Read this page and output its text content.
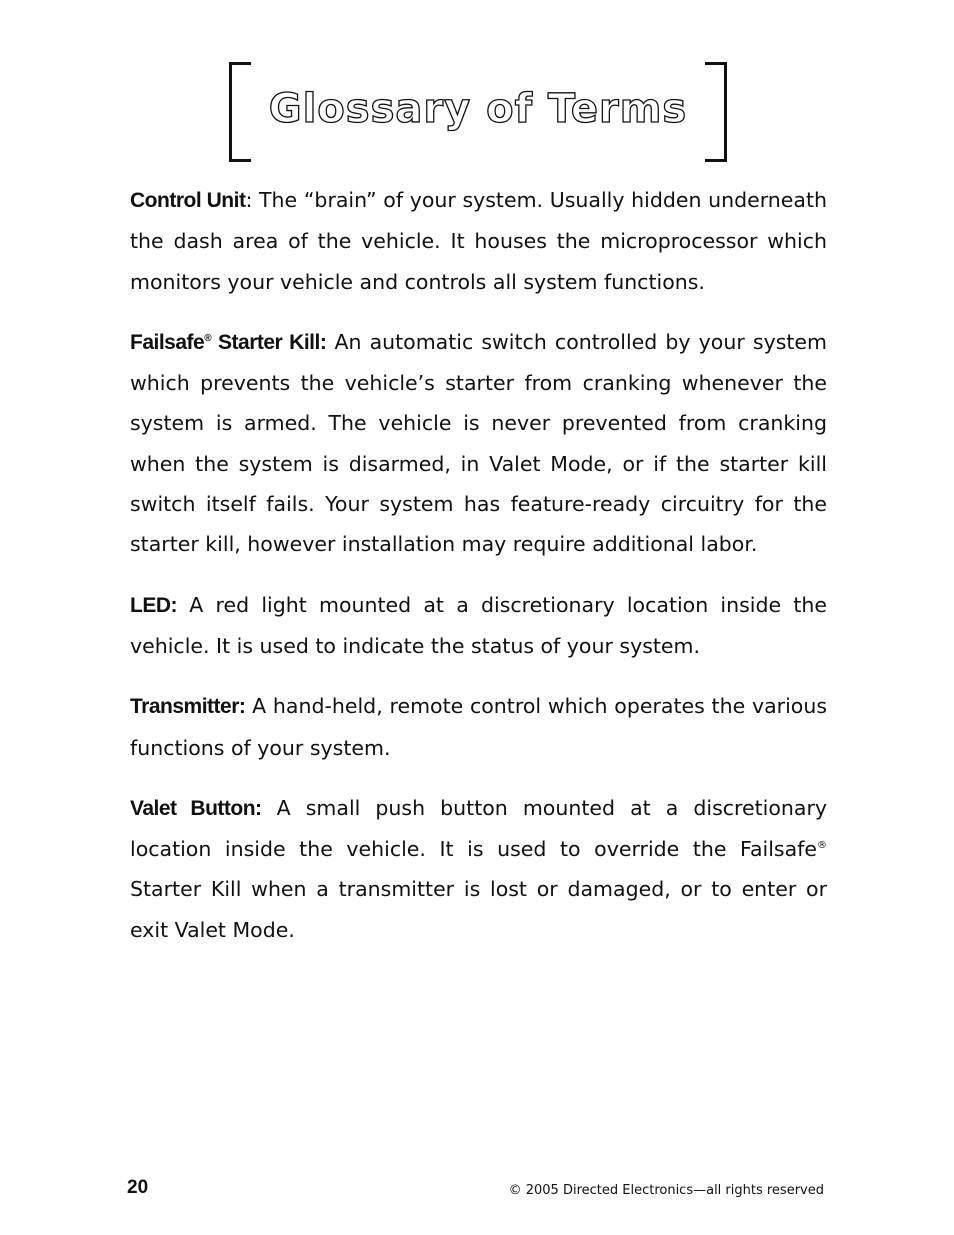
Glossary of Terms

Control Unit: The “brain” of your system. Usually hidden underneath the dash area of the vehicle. It houses the microprocessor which monitors your vehicle and controls all system functions.

Failsafe® Starter Kill: An automatic switch controlled by your system which prevents the vehicle’s starter from cranking whenever the system is armed. The vehicle is never prevented from cranking when the system is disarmed, in Valet Mode, or if the starter kill switch itself fails. Your system has feature-ready circuitry for the starter kill, however installation may require additional labor.

LED: A red light mounted at a discretionary location inside the vehicle. It is used to indicate the status of your system.

Transmitter: A hand-held, remote control which operates the various functions of your system.

Valet Button: A small push button mounted at a discretionary location inside the vehicle. It is used to override the Failsafe® Starter Kill when a transmitter is lost or damaged, or to enter or exit Valet Mode.

20	© 2005 Directed Electronics—all rights reserved
